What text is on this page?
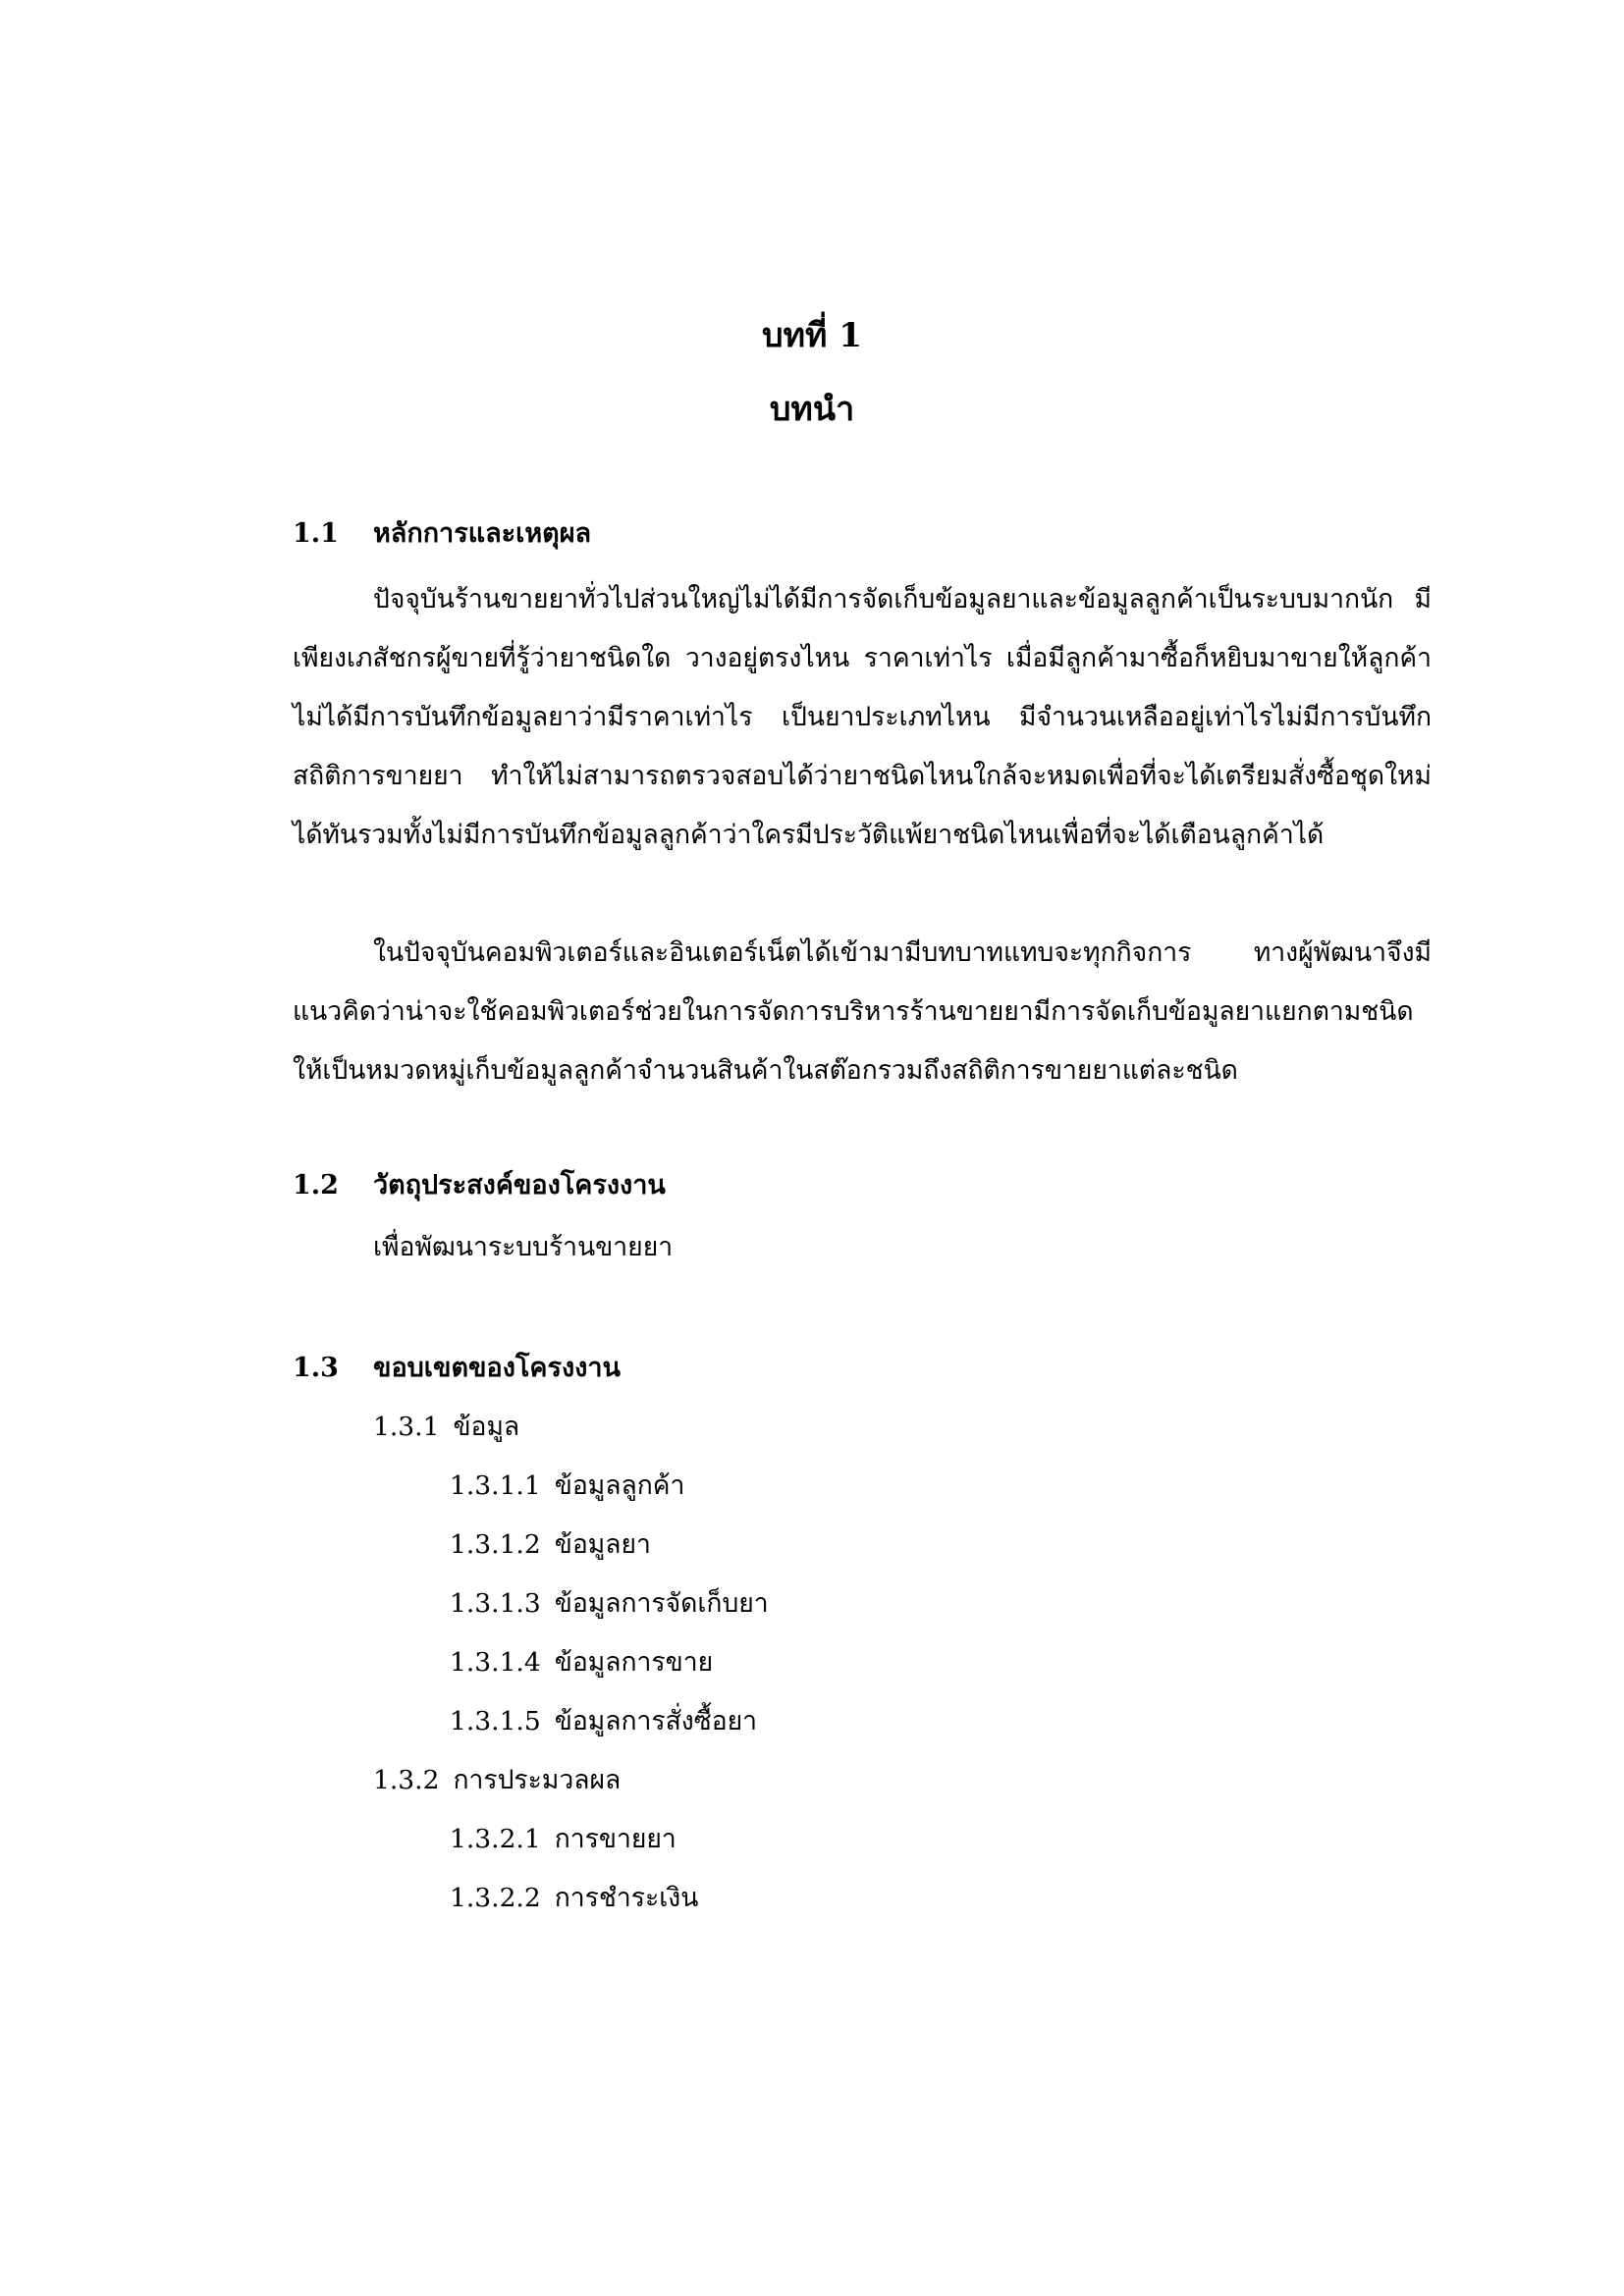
บทที่ 1
บทนำ
1.1 หลักการและเหตุผล

ปัจจุบันร้านขายยาทั่วไปส่วนใหญ่ไม่ได้มีการจัดเก็บข้อมูลยาและข้อมูลลูกค้าเป็นระบบมากนัก มีเพียงเภสัชกรผู้ขายที่รู้ว่ายาชนิดใด วางอยู่ตรงไหน ราคาเท่าไร เมื่อมีลูกค้ามาซื้อก็หยิบมาขายให้ลูกค้า ไม่ได้มีการบันทึกข้อมูลยาว่ามีราคาเท่าไร เป็นยาประเภทไหน มีจำนวนเหลืออยู่เท่าไรไม่มีการบันทึกสถิติการขายยา ทำให้ไม่สามารถตรวจสอบได้ว่ายาชนิดไหนใกล้จะหมดเพื่อที่จะได้เตรียมสั่งซื้อชุดใหม่ได้ทันรวมทั้งไม่มีการบันทึกข้อมูลลูกค้าว่าใครมีประวัติแพ้ยาชนิดไหนเพื่อที่จะได้เตือนลูกค้าได้

ในปัจจุบันคอมพิวเตอร์และอินเตอร์เน็ตได้เข้ามามีบทบาทแทบจะทุกกิจการ ทางผู้พัฒนาจึงมีแนวคิดว่าน่าจะใช้คอมพิวเตอร์ช่วยในการจัดการบริหารร้านขายยามีการจัดเก็บข้อมูลยาแยกตามชนิดให้เป็นหมวดหมู่เก็บข้อมูลลูกค้าจำนวนสินค้าในสต๊อกรวมถึงสถิติการขายยาแต่ละชนิด

1.2 วัตถุประสงค์ของโครงงาน

เพื่อพัฒนาระบบร้านขายยา

1.3 ขอบเขตของโครงงาน

1.3.1 ข้อมูล

1.3.1.1 ข้อมูลลูกค้า

1.3.1.2 ข้อมูลยา

1.3.1.3 ข้อมูลการจัดเก็บยา

1.3.1.4 ข้อมูลการขาย

1.3.1.5 ข้อมูลการสั่งซื้อยา

1.3.2 การประมวลผล

1.3.2.1 การขายยา

1.3.2.2 การชำระเงิน
